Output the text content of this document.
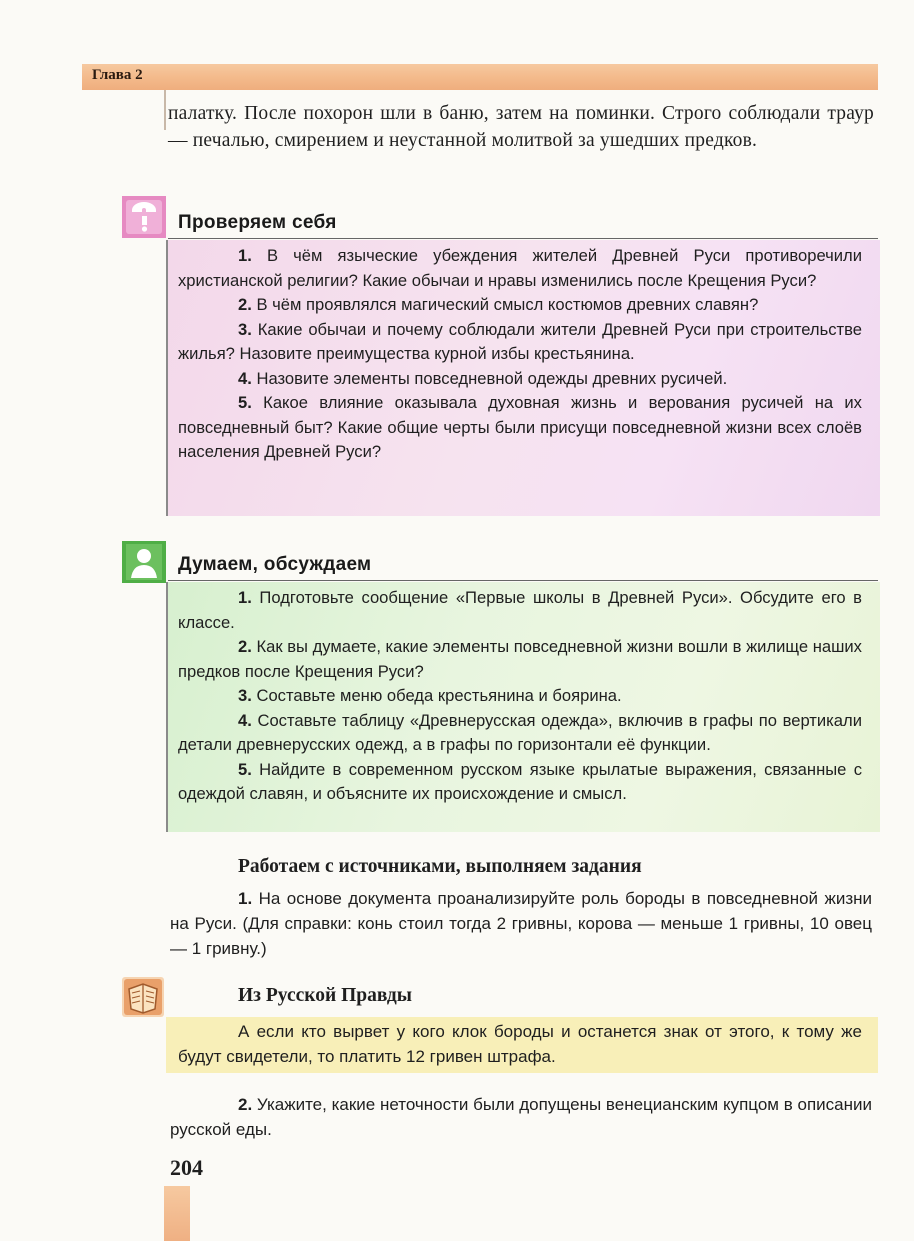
Глава 2

палатку. После похорон шли в баню, затем на поминки. Строго соблюдали траур — печалью, смирением и неустанной молитвой за ушедших предков.

Проверяем себя
1. В чём языческие убеждения жителей Древней Руси противоречили христианской религии? Какие обычаи и нравы изменились после Крещения Руси?
2. В чём проявлялся магический смысл костюмов древних славян?
3. Какие обычаи и почему соблюдали жители Древней Руси при строительстве жилья? Назовите преимущества курной избы крестьянина.
4. Назовите элементы повседневной одежды древних русичей.
5. Какое влияние оказывала духовная жизнь и верования русичей на их повседневный быт? Какие общие черты были присущи повседневной жизни всех слоёв населения Древней Руси?
Думаем, обсуждаем
1. Подготовьте сообщение «Первые школы в Древней Руси». Обсудите его в классе.
2. Как вы думаете, какие элементы повседневной жизни вошли в жилище наших предков после Крещения Руси?
3. Составьте меню обеда крестьянина и боярина.
4. Составьте таблицу «Древнерусская одежда», включив в графы по вертикали детали древнерусских одежд, а в графы по горизонтали её функции.
5. Найдите в современном русском языке крылатые выражения, связанные с одеждой славян, и объясните их происхождение и смысл.
Работаем с источниками, выполняем задания

1. На основе документа проанализируйте роль бороды в повседневной жизни на Руси. (Для справки: конь стоил тогда 2 гривны, корова — меньше 1 гривны, 10 овец — 1 гривну.)

Из Русской Правды

А если кто вырвет у кого клок бороды и останется знак от этого, к тому же будут свидетели, то платить 12 гривен штрафа.

2. Укажите, какие неточности были допущены венецианским купцом в описании русской еды.

204
